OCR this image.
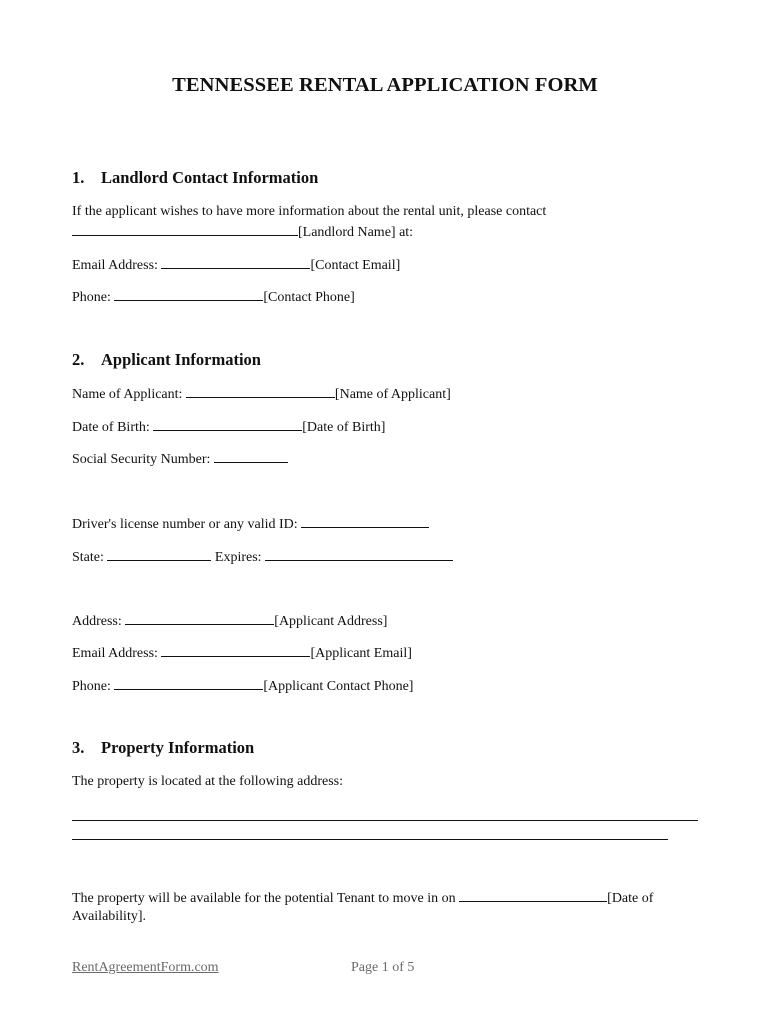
TENNESSEE RENTAL APPLICATION FORM
1. Landlord Contact Information
If the applicant wishes to have more information about the rental unit, please contact
[Landlord Name] at:
Email Address:	[Contact Email]
Phone:	[Contact Phone]
2. Applicant Information
Name of Applicant:	[Name of Applicant]
Date of Birth:	[Date of Birth]
Social Security Number:
Driver's license number or any valid ID:
State:	Expires:
Address:	[Applicant Address]
Email Address:	[Applicant Email]
Phone:	[Applicant Contact Phone]
3. Property Information
The property is located at the following address:
The property will be available for the potential Tenant to move in on	[Date of
Availability].
RentAgreementForm.com	Page 1 of 5
